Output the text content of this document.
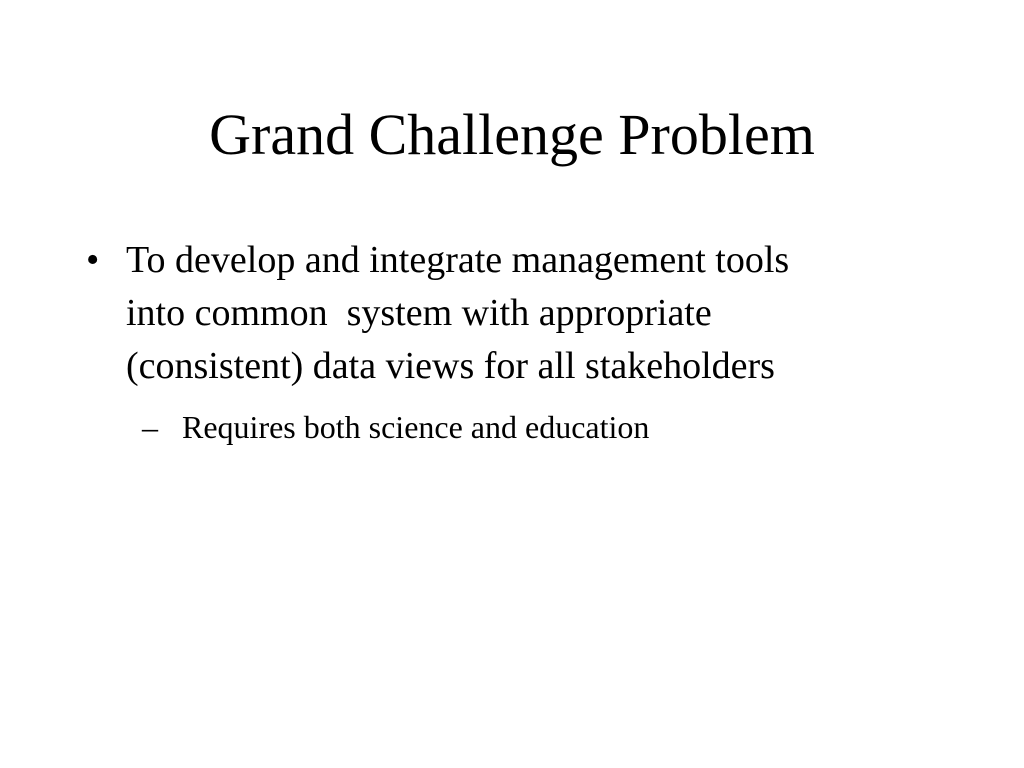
Grand Challenge Problem
• To develop and integrate management tools
into common  system with appropriate
(consistent) data views for all stakeholders
– Requires both science and education
